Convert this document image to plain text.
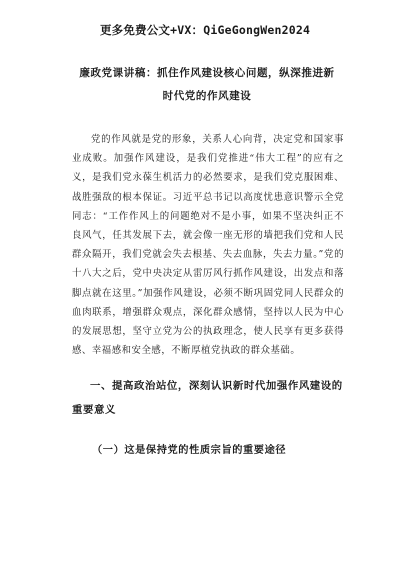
更多免费公文+VX：QiGeGongWen2024
廉政党课讲稿：抓住作风建设核心问题，纵深推进新时代党的作风建设

党的作风就是党的形象，关系人心向背，决定党和国家事业成败。加强作风建设，是我们党推进“伟大工程”的应有之义，是我们党永葆生机活力的必然要求，是我们党克服困难、战胜强敌的根本保证。习近平总书记以高度忧患意识警示全党同志：“工作作风上的问题绝对不是小事，如果不坚决纠正不良风气，任其发展下去，就会像一座无形的墙把我们党和人民群众隔开，我们党就会失去根基、失去血脉，失去力量。”党的十八大之后，党中央决定从雷厉风行抓作风建设，出发点和落脚点就在这里。”加强作风建设，必须不断巩固党同人民群众的血肉联系，增强群众观点，深化群众感情，坚持以人民为中心的发展思想，坚守立党为公的执政理念，使人民享有更多获得感、幸福感和安全感，不断厚植党执政的群众基础。

一、提高政治站位，深刻认识新时代加强作风建设的重要意义

（一）这是保持党的性质宗旨的重要途径
